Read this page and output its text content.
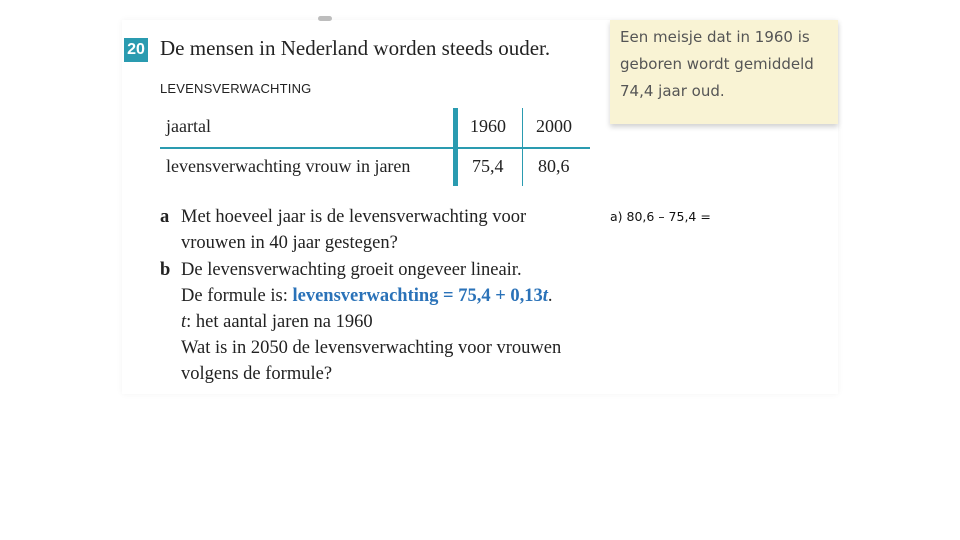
20 De mensen in Nederland worden steeds ouder.
LEVENSVERWACHTING
jaartal	1960 2000
levensverwachting vrouw in jaren	75,4 80,6
Een meisje dat in 1960 is
geboren wordt gemiddeld
74,4 jaar oud.
a Met hoeveel jaar is de levensverwachting voor
vrouwen in 40 jaar gestegen?
b De levensverwachting groeit ongeveer lineair.
De formule is: levensverwachting = 75,4 + 0,13t.
t: het aantal jaren na 1960
Wat is in 2050 de levensverwachting voor vrouwen
volgens de formule?
a) 80,6 – 75,4 =
